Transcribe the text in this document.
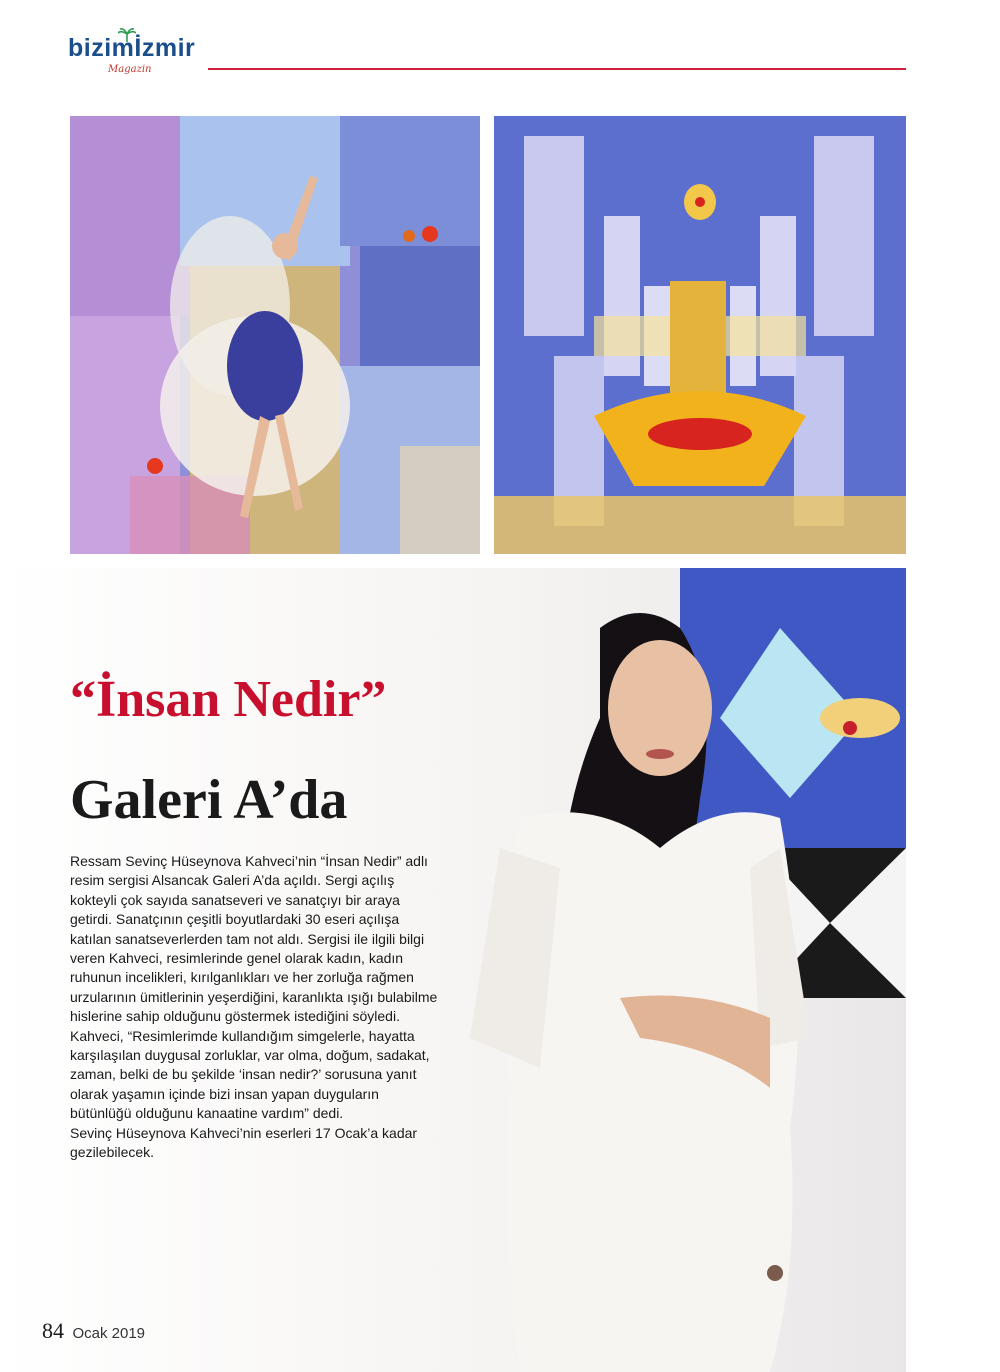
bizimİzmir
Magazin
“İnsan Nedir”
Galeri A’da

Ressam Sevinç Hüseynova Kahveci’nin “İnsan Nedir” adlı resim sergisi Alsancak Galeri A’da açıldı. Sergi açılış kokteyli çok sayıda sanatseveri ve sanatçıyı bir araya getirdi. Sanatçının çeşitli boyutlardaki 30 eseri açılışa katılan sanatseverlerden tam not aldı. Sergisi ile ilgili bilgi veren Kahveci, resimlerinde genel olarak kadın, kadın ruhunun incelikleri, kırılganlıkları ve her zorluğa rağmen urzularının ümitlerinin yeşerdiğini, karanlıkta ışığı bulabilme hislerine sahip olduğunu göstermek istediğini söyledi. Kahveci, “Resimlerimde kullandığım simgelerle, hayatta karşılaşılan duygusal zorluklar, var olma, doğum, sadakat, zaman, belki de bu şekilde ‘insan nedir?’ sorusuna yanıt olarak yaşamın içinde bizi insan yapan duyguların bütünlüğü olduğunu kanaatine vardım” dedi.

Sevinç Hüseynova Kahveci’nin eserleri 17 Ocak’a kadar gezilebilecek.

84 Ocak 2019
